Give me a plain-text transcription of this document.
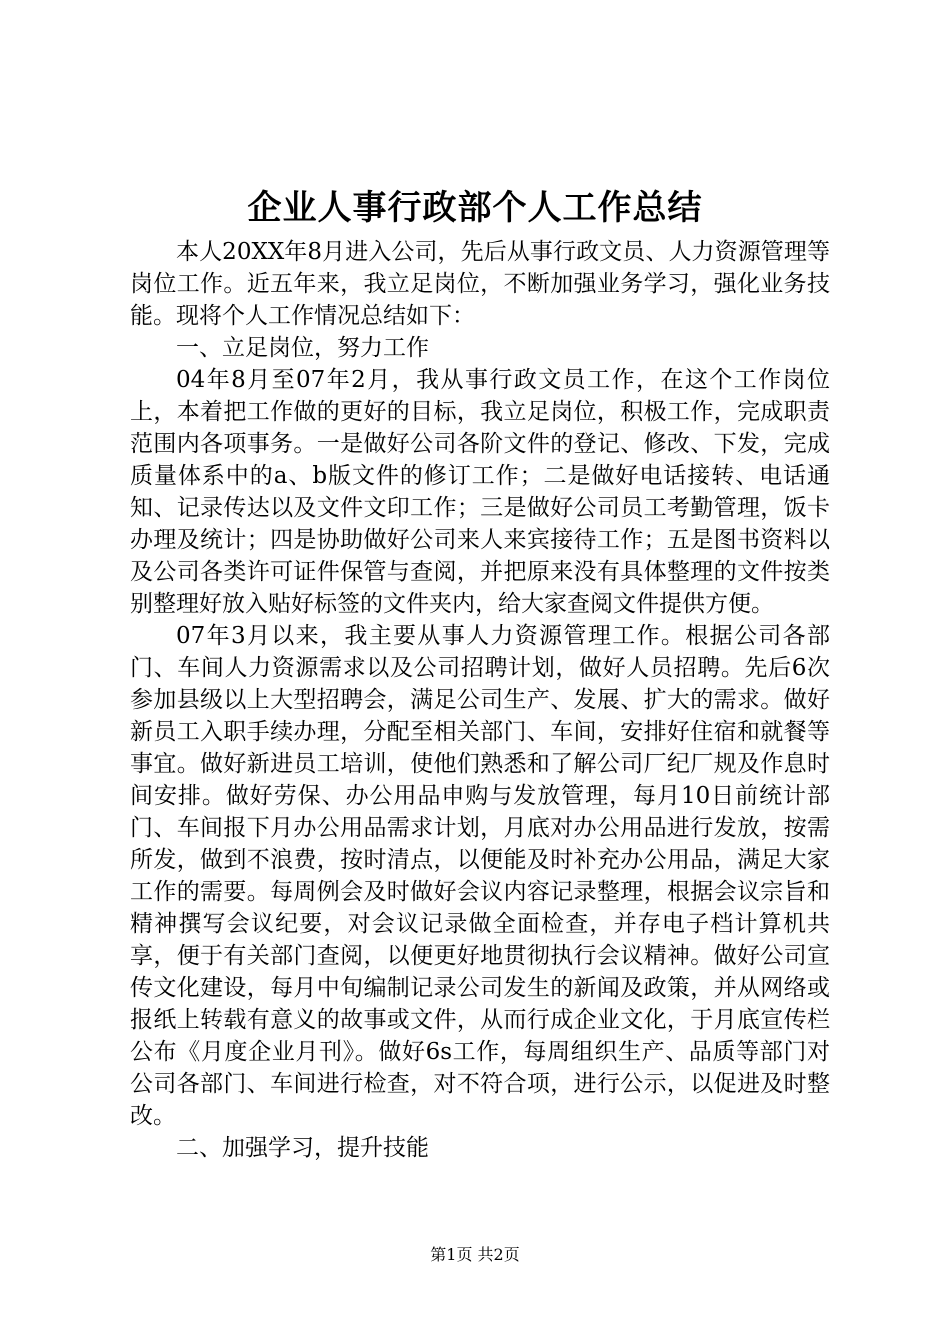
企业人事行政部个人工作总结

本人20XX年8月进入公司，先后从事行政文员、人力资源管理等岗位工作。近五年来，我立足岗位，不断加强业务学习，强化业务技能。现将个人工作情况总结如下：

一、立足岗位，努力工作

04年8月至07年2月，我从事行政文员工作，在这个工作岗位上，本着把工作做的更好的目标，我立足岗位，积极工作，完成职责范围内各项事务。一是做好公司各阶文件的登记、修改、下发，完成质量体系中的a、b版文件的修订工作；二是做好电话接转、电话通知、记录传达以及文件文印工作；三是做好公司员工考勤管理，饭卡办理及统计；四是协助做好公司来人来宾接待工作；五是图书资料以及公司各类许可证件保管与查阅，并把原来没有具体整理的文件按类别整理好放入贴好标签的文件夹内，给大家查阅文件提供方便。

07年3月以来，我主要从事人力资源管理工作。根据公司各部门、车间人力资源需求以及公司招聘计划，做好人员招聘。先后6次参加县级以上大型招聘会，满足公司生产、发展、扩大的需求。做好新员工入职手续办理，分配至相关部门、车间，安排好住宿和就餐等事宜。做好新进员工培训，使他们熟悉和了解公司厂纪厂规及作息时间安排。做好劳保、办公用品申购与发放管理，每月10日前统计部门、车间报下月办公用品需求计划，月底对办公用品进行发放，按需所发，做到不浪费，按时清点，以便能及时补充办公用品，满足大家工作的需要。每周例会及时做好会议内容记录整理，根据会议宗旨和精神撰写会议纪要，对会议记录做全面检查，并存电子档计算机共享，便于有关部门查阅，以便更好地贯彻执行会议精神。做好公司宣传文化建设，每月中旬编制记录公司发生的新闻及政策，并从网络或报纸上转载有意义的故事或文件，从而行成企业文化，于月底宣传栏公布《月度企业月刊》。做好6s工作，每周组织生产、品质等部门对公司各部门、车间进行检查，对不符合项，进行公示，以促进及时整改。

二、加强学习，提升技能

第1页 共2页
